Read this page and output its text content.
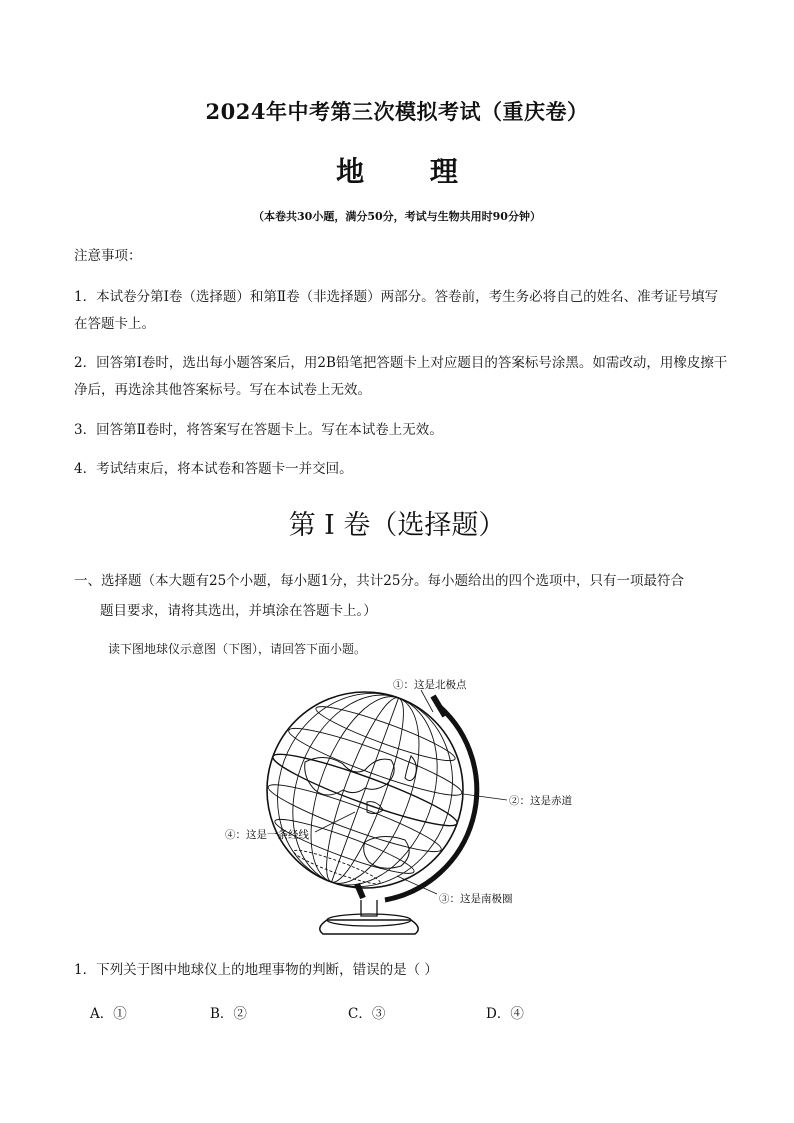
2024年中考第三次模拟考试（重庆卷）
地 理
（本卷共30小题，满分50分，考试与生物共用时90分钟）
注意事项：
1．本试卷分第Ⅰ卷（选择题）和第Ⅱ卷（非选择题）两部分。答卷前，考生务必将自己的姓名、准考证号填写在答题卡上。
2．回答第Ⅰ卷时，选出每小题答案后，用2B铅笔把答题卡上对应题目的答案标号涂黑。如需改动，用橡皮擦干净后，再选涂其他答案标号。写在本试卷上无效。
3．回答第Ⅱ卷时，将答案写在答题卡上。写在本试卷上无效。
4．考试结束后，将本试卷和答题卡一并交回。
第 I 卷（选择题）
一、选择题（本大题有25个小题，每小题1分，共计25分。每小题给出的四个选项中，只有一项最符合
题目要求，请将其选出，并填涂在答题卡上。）
读下图地球仪示意图（下图），请回答下面小题。
①：这是北极点
②：这是赤道
③：这是南极圈
④：这是一条经线
1．下列关于图中地球仪上的地理事物的判断，错误的是（ ）
A．①	B．②	C．③	D．④
